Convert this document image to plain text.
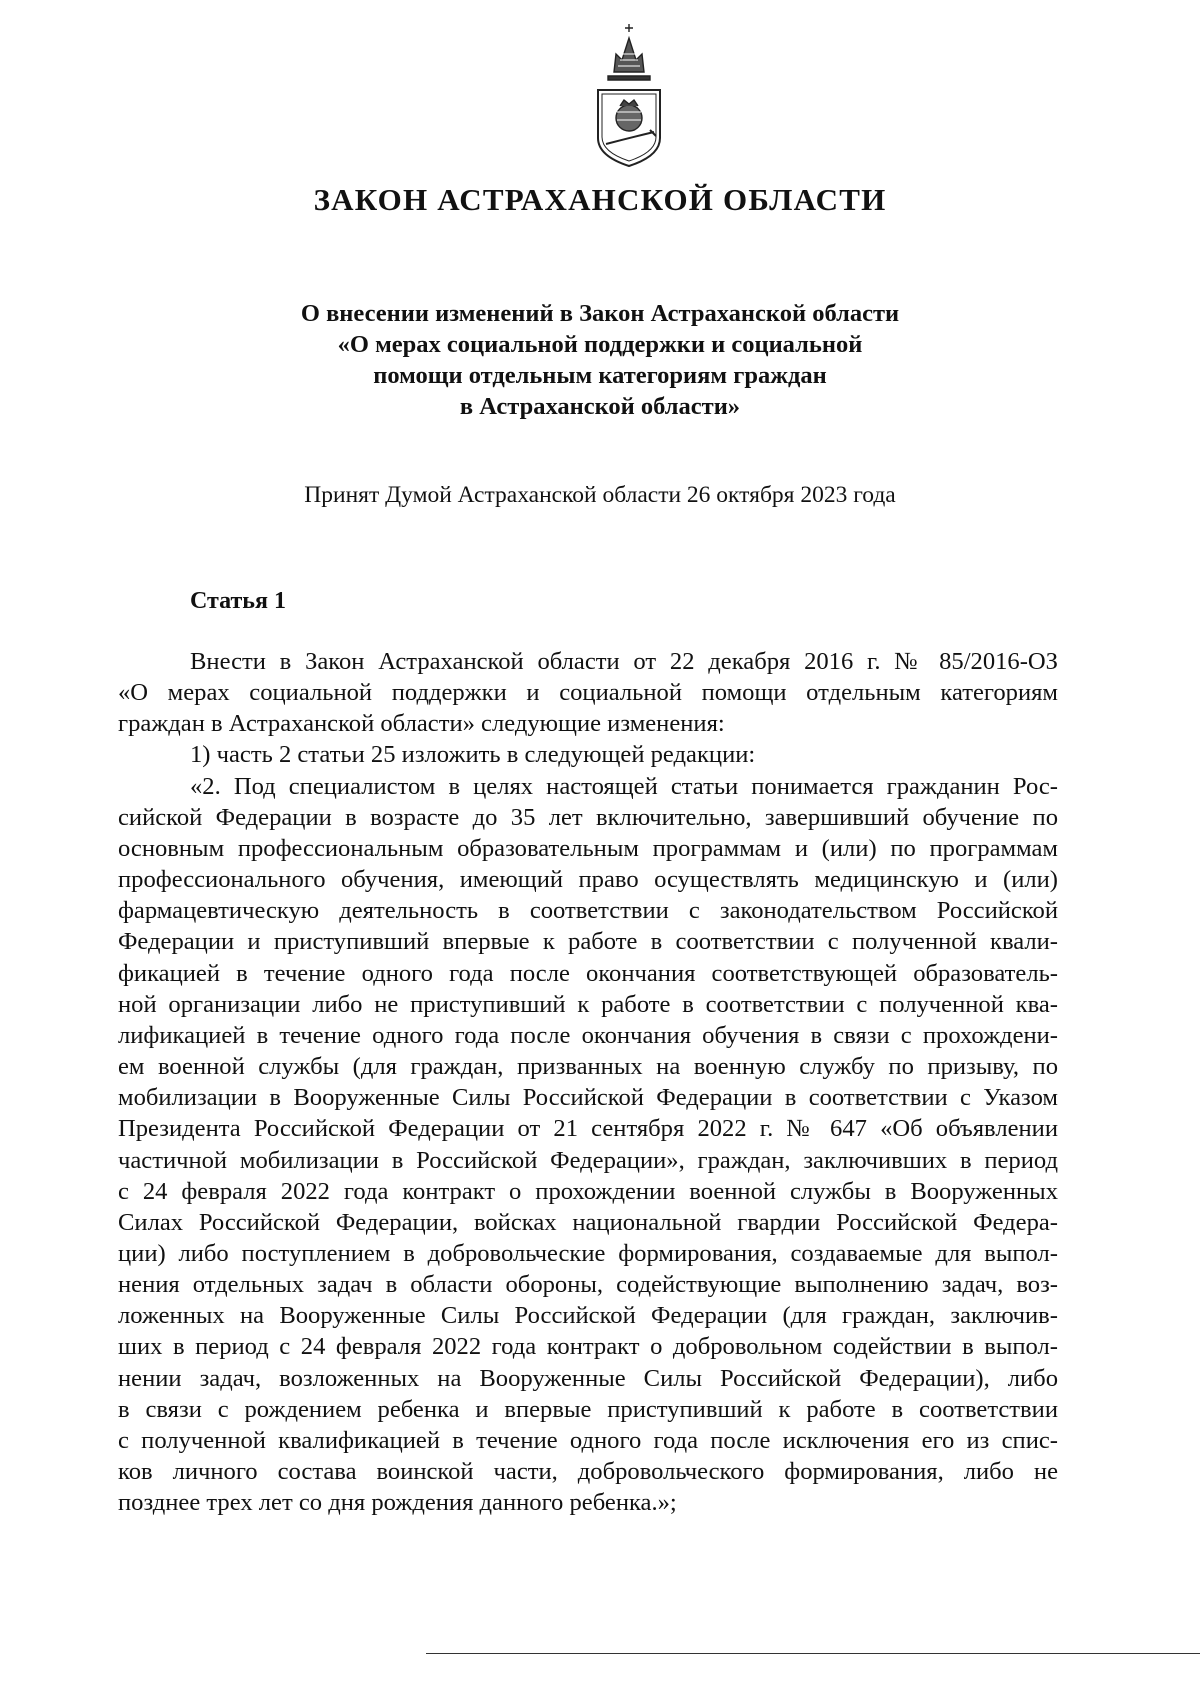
ЗАКОН АСТРАХАНСКОЙ ОБЛАСТИ
О внесении изменений в Закон Астраханской области
«О мерах социальной поддержки и социальной
помощи отдельным категориям граждан
в Астраханской области»

Принят Думой Астраханской области 26 октября 2023 года

Статья 1
Внести в Закон Астраханской области от 22 декабря 2016 г. № 85/2016-ОЗ
«О мерах социальной поддержки и социальной помощи отдельным категориям
граждан в Астраханской области» следующие изменения:
1) часть 2 статьи 25 изложить в следующей редакции:
«2. Под специалистом в целях настоящей статьи понимается гражданин Рос-
сийской Федерации в возрасте до 35 лет включительно, завершивший обучение по
основным профессиональным образовательным программам и (или) по программам
профессионального обучения, имеющий право осуществлять медицинскую и (или)
фармацевтическую деятельность в соответствии с законодательством Российской
Федерации и приступивший впервые к работе в соответствии с полученной квали-
фикацией в течение одного года после окончания соответствующей образователь-
ной организации либо не приступивший к работе в соответствии с полученной ква-
лификацией в течение одного года после окончания обучения в связи с прохождени-
ем военной службы (для граждан, призванных на военную службу по призыву, по
мобилизации в Вооруженные Силы Российской Федерации в соответствии с Указом
Президента Российской Федерации от 21 сентября 2022 г. № 647 «Об объявлении
частичной мобилизации в Российской Федерации», граждан, заключивших в период
с 24 февраля 2022 года контракт о прохождении военной службы в Вооруженных
Силах Российской Федерации, войсках национальной гвардии Российской Федера-
ции) либо поступлением в добровольческие формирования, создаваемые для выпол-
нения отдельных задач в области обороны, содействующие выполнению задач, воз-
ложенных на Вооруженные Силы Российской Федерации (для граждан, заключив-
ших в период с 24 февраля 2022 года контракт о добровольном содействии в выпол-
нении задач, возложенных на Вооруженные Силы Российской Федерации), либо
в связи с рождением ребенка и впервые приступивший к работе в соответствии
с полученной квалификацией в течение одного года после исключения его из спис-
ков личного состава воинской части, добровольческого формирования, либо не
позднее трех лет со дня рождения данного ребенка.»;
